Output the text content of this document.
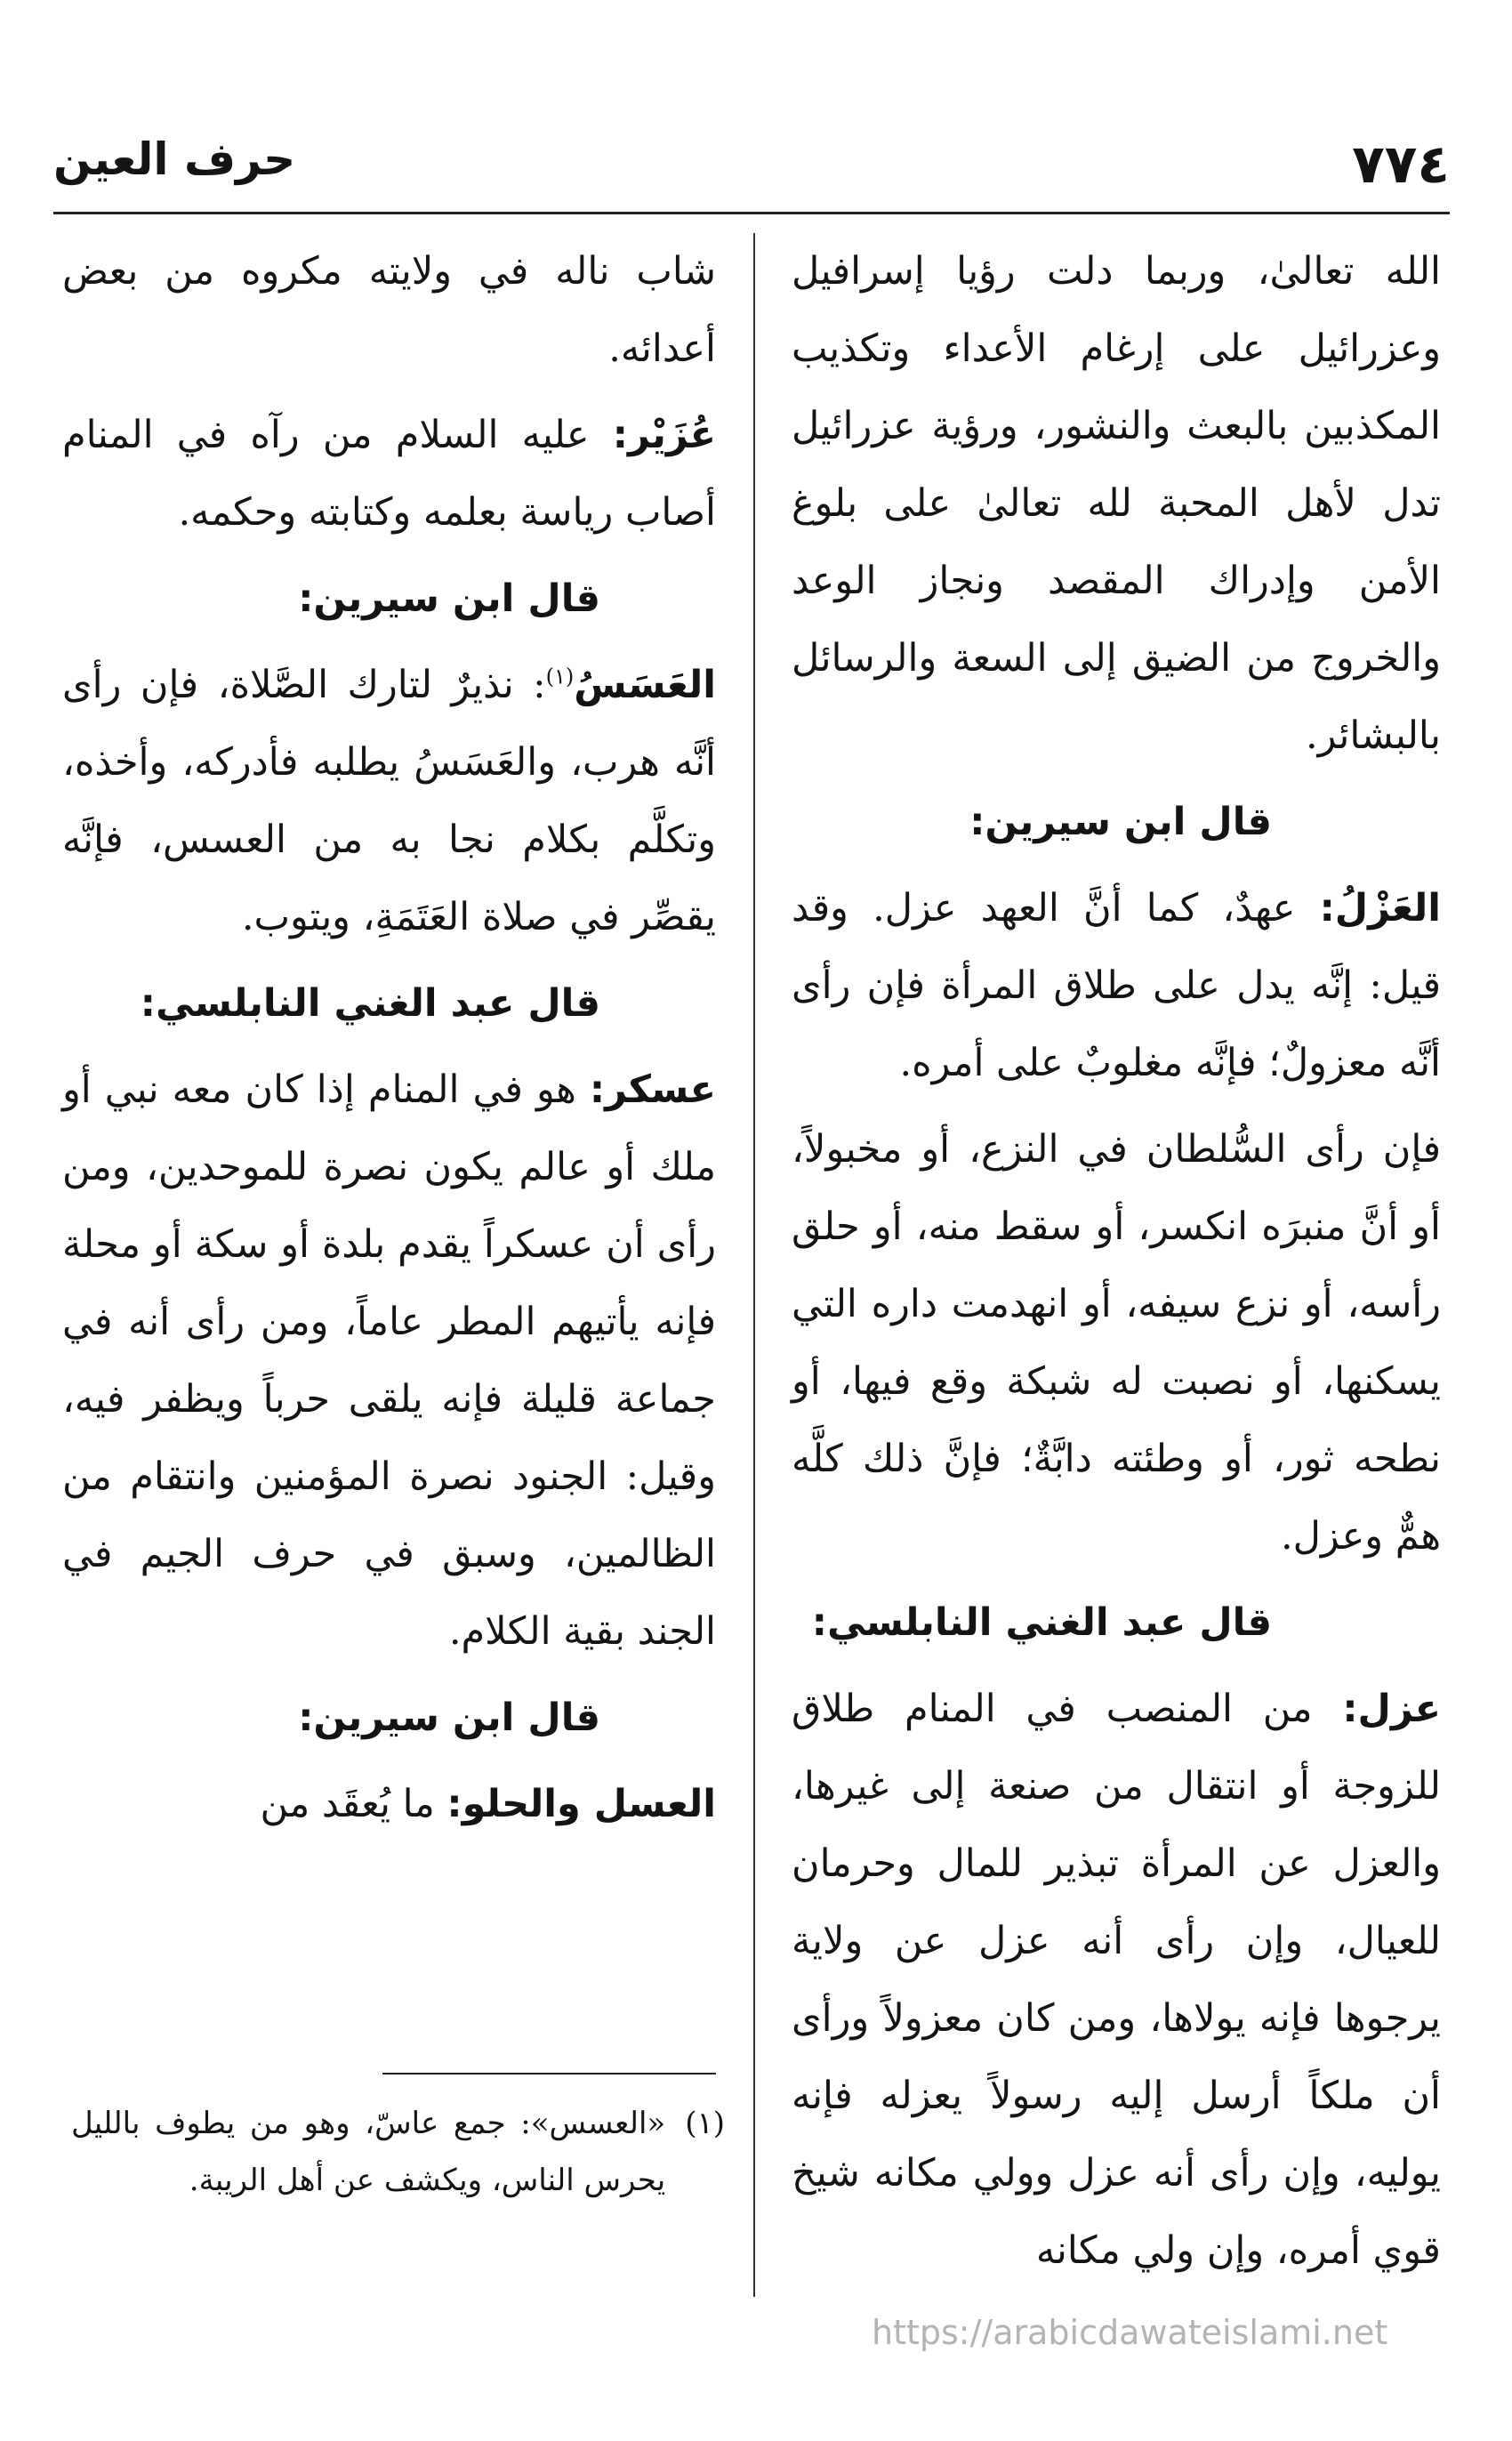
٧٧٤
حرف العين

الله تعالىٰ، وربما دلت رؤيا إسرافيل وعزرائيل على إرغام الأعداء وتكذيب المكذبين بالبعث والنشور، ورؤية عزرائيل تدل لأهل المحبة لله تعالىٰ على بلوغ الأمن وإدراك المقصد ونجاز الوعد والخروج من الضيق إلى السعة والرسائل بالبشائر.

قال ابن سيرين:

العَزْلُ: عهدٌ، كما أنَّ العهد عزل. وقد قيل: إنَّه يدل على طلاق المرأة فإن رأى أنَّه معزولٌ؛ فإنَّه مغلوبٌ على أمره.

فإن رأى السُّلطان في النزع، أو مخبولاً، أو أنَّ منبرَه انكسر، أو سقط منه، أو حلق رأسه، أو نزع سيفه، أو انهدمت داره التي يسكنها، أو نصبت له شبكة وقع فيها، أو نطحه ثور، أو وطئته دابَّةٌ؛ فإنَّ ذلك كلَّه همٌّ وعزل.

قال عبد الغني النابلسي:

عزل: من المنصب في المنام طلاق للزوجة أو انتقال من صنعة إلى غيرها، والعزل عن المرأة تبذير للمال وحرمان للعيال، وإن رأى أنه عزل عن ولاية يرجوها فإنه يولاها، ومن كان معزولاً ورأى أن ملكاً أرسل إليه رسولاً يعزله فإنه يوليه، وإن رأى أنه عزل وولي مكانه شيخ قوي أمره، وإن ولي مكانه

شاب ناله في ولايته مكروه من بعض أعدائه.

عُزَيْر: عليه السلام من رآه في المنام أصاب رياسة بعلمه وكتابته وحكمه.

قال ابن سيرين:

العَسَسُ$^{(١)}$: نذيرٌ لتارك الصَّلاة، فإن رأى أنَّه هرب، والعَسَسُ يطلبه فأدركه، وأخذه، وتكلَّم بكلام نجا به من العسس، فإنَّه يقصِّر في صلاة العَتَمَةِ، ويتوب.

قال عبد الغني النابلسي:

عسكر: هو في المنام إذا كان معه نبي أو ملك أو عالم يكون نصرة للموحدين، ومن رأى أن عسكراً يقدم بلدة أو سكة أو محلة فإنه يأتيهم المطر عاماً، ومن رأى أنه في جماعة قليلة فإنه يلقى حرباً ويظفر فيه، وقيل: الجنود نصرة المؤمنين وانتقام من الظالمين، وسبق في حرف الجيم في الجند بقية الكلام.

قال ابن سيرين:

العسل والحلو: ما يُعقَد من

(١)
«العسس»: جمع عاسّ، وهو من يطوف بالليل يحرس الناس، ويكشف عن أهل الريبة.
https://arabicdawateislami.net
